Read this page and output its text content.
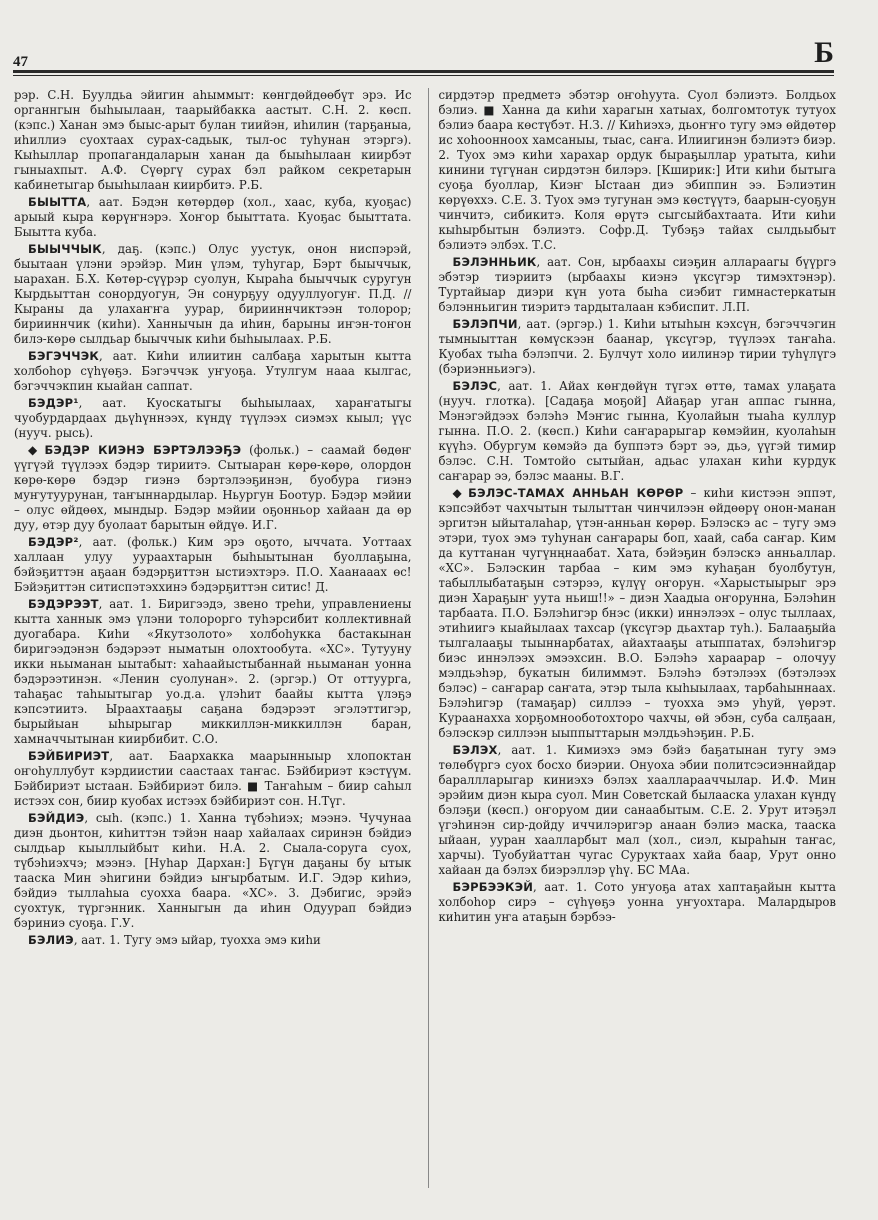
47	Б

рэр. С.Н. Буулдьа эйигин аһыммыт: көнгдөйдөөбүт эрэ. Ис органнгын быһыылаан, таарыйбакка аастыт. С.Н. 2. көсп. (кэпс.) Ханан эмэ быыс-арыт булан тиийэн, иһилин (тарҕаныа, иһиллиэ суохтаах сурах-садьык, тыл-ос туһунан этэргэ). Кыһыллар пропагандаларын ханан да быыһылаан киирбэт гыныахпыт. А.Ф. Сүөргү сурах бэл райком секретарын кабинетыгар быыһылаан киирбитэ. Р.Б.

БЫЫТТА, аат. Бэдэн көтөрдөр (хол., хаас, куба, куоҕас) арыый кыра көрүҥнэрэ. Хоҥор быыттата. Куоҕас быыттата. Быытта куба.

БЫЫЧЧЫК, даҕ. (кэпс.) Олус уустук, онон ниспэрэй, быытаан үлэни эрэйэр. Мин үлэм, туһугар, Бэрт быыччык, ыарахан. Б.Х. Көтөр-сүүрэр суолун, Кыраһа быыччык суругун Кырдьыттан сонордуогун, Эн сонурҕуу одууллуогуҥ. П.Д. // Кыраны да улахаҥҥа уурар, бирииннчиктээн толорор; бирииннчик (киһи). Ханнычын да иһин, барыны иҥэн-тоҥон билэ-көрө сылдьар быыччык киһи быһыылаах. Р.Б.

БЭГЭЧЧЭК, аат. Киһи илиитин салбаҕа харытын кытта холбоһор сүһүөҕэ. Бэгэччэк уҥуоҕа. Утулгум нааа кылгас, бэгэччэкпин кыайан саппат.

БЭДЭР¹, аат. Куоскатыгы быһыылаах, хараҥатыгы чуобурдардаах дьүһүннээх, күндү түүлээх сиэмэх кыыл; үүс (нууч. рысь).

◆ БЭДЭР КИЭНЭ БЭРТЭЛЭЭҔЭ (фольк.) – саамай бөдөҥ үүгүэй түүлээх бэдэр тириитэ. Сытыаран көрө-көрө, олордон көрө-көрө бэдэр гиэнэ бэртэлээҕинэн, буобура гиэнэ муҥутуурунан, таҥыннардылар. Ньургун Боотур. Бэдэр мэйии – олус өйдөөх, мындыр. Бэдэр мэйии оҕонньор хайаан да өр дуу, өтэр дуу буолаат барытын өйдүө. И.Г.

БЭДЭР², аат. (фольк.) Ким эрэ оҕото, ыччата. Уоттаах халлаан улуу уураахтарын быһыытынан буоллаҕына, бэйэҕиттэн аҕаан бэдэрҕиттэн ыстиэхтэрэ. П.О. Хаанааах өс! Бэйэҕиттэн ситиспэтэххинэ бэдэрҕиттэн ситис! Д.

БЭДЭРЭЭТ, аат. 1. Биригээдэ, звено треһи, управлениены кытта ханнык эмэ үлэни толорорго туһэрсибит коллективнай дуогабара. Киһи «Якутзолото» холбоһукка бастакынан биригээдэнэн бэдэрээт ныматын олохтообута. «ХС». Тутууну икки ньыманан ыытабыт: хаһаайыстыбаннай ньыманан уонна бэдэрээтинэн. «Ленин суолунан». 2. (эргэр.) От оттуурга, таһаҕас таһыытыгар уо.д.а. үлэһит баайы кытта үлэҕэ кэпсэтиитэ. Ыраахтааҕы саҕана бэдэрээт эгэлэттигэр, бырыйыан ыһырыгар миккиллэн-миккиллэн баран, хамначчытынан киирбибит. С.О.

БЭЙБИРИЭТ, аат. Баархакка маарынныыр хлопоктан оҥоһуллубут кэрдиистии саастаах таҥас. Бэйбириэт кэстүүм. Бэйбириэт ыстаан. Бэйбириэт билэ. ■ Таҥаһым – биир саһыл истээх сон, биир куобах истээх бэйбириэт сон. Н.Түг.

БЭЙДИЭ, сыһ. (кэпс.) 1. Ханна түбэһиэх; мээнэ. Чучунаа диэн дьонтон, киһиттэн тэйэн наар хайалаах сиринэн бэйдиэ сылдьар кыыллыйбыт киһи. Н.А. 2. Сыала-соруга суох, түбэһиэхчэ; мээнэ. [Нуһар Дархан:] Бүгүн даҕаны бу ытык тааска Мин эһигини бэйдиэ ыҥырбатым. И.Г. Эдэр киһиэ, бэйдиэ тыллаһыа суохха баара. «ХС». 3. Дэбигис, эрэйэ суохтук, түргэнник. Ханныгын да иһин Одуурап бэйдиэ бэриниэ суоҕа. Г.У.

БЭЛИЭ, аат. 1. Тугу эмэ ыйар, туохха эмэ киһи

сирдэтэр предметэ эбэтэр оҥоһуута. Суол бэлиэтэ. Болдьох бэлиэ. ■ Ханна да киһи харагын хатыах, болгомтотук тутуох бэлиэ баара көстүбэт. Н.З. // Киһиэхэ, дьоҥҥо тугу эмэ өйдөтөр ис хоһооннооx хамсаныы, тыас, саҥа. Илиигинэн бэлиэтэ биэр. 2. Туох эмэ киһи харахар ордук быраҕыллар уратыта, киһи кинини түгүнан сирдэтэн билэрэ. [Кширик:] Ити киһи бытыга суоҕа буоллар, Киэҥ Ыстаан диэ эбиппин ээ. Бэлиэтин көрүөххэ. С.Е. 3. Туох эмэ тугунан эмэ көстүүтэ, баарын-суоҕун чинчитэ, сибикитэ. Коля өрүтэ сыгсыйбахтаата. Ити киһи кыһырбытын бэлиэтэ. Софр.Д. Тубэҕэ тайах сылдьыбыт бэлиэтэ элбэх. Т.С.

БЭЛЭННЬИК, аат. Сон, ырбаахы сиэҕин аллараагы бүүргэ эбэтэр тиэриитэ (ырбаахы киэнэ үксүгэр тимэхтэнэр). Туртайыар диэри күн уота быһа сиэбит гимнастеркатын бэлэнньигин тиэритэ тардыталаан кэбиспит. Л.П.

БЭЛЭПЧИ, аат. (эргэр.) 1. Киһи ытыһын кэхсүн, бэгэччэгин тымныыттан көмүскээн баанар, үксүгэр, түүлээх таҥаһа. Куобах тыһа бэлэпчи. 2. Булчут холо иилинэр тирии туһүлүгэ (бэриэнньиэгэ).

БЭЛЭС, аат. 1. Айах көҥдөйүн түгэх өттө, тамах улаҕата (нууч. глотка). [Садаҕа моҕой] Айаҕар уган аппас гынна, Мэнэгэйдээх бэлэһэ Мэҥис гынна, Куолайын тыаһа куллур гынна. П.О. 2. (көсп.) Киһи саҥарарыгар көмэйин, куолаһын күүһэ. Обургум көмэйэ да буппэтэ бэрт ээ, дьэ, үүгэй тимир бэлэс. С.Н. Томтойо сытыйан, адьас улахан киһи курдук саҥарар ээ, бэлэс мааны. В.Г.

◆ БЭЛЭС-ТАМАХ АННЬАН КӨРӨР – киһи кистээн эппэт, кэпсэйбэт чахчытын тылыттан чинчилээн өйдөөрү онон-манан эргитэн ыйыталаһар, үтэн-анньан көрөр. Бэлэскэ ас – тугу эмэ этэри, туох эмэ туһунан саҥарары боп, хаай, саба саҥар. Ким да куттанан чугүнңнаабат. Хата, бэйэҕин бэлэскэ анньаллар. «ХС». Бэлэскин тарбаа – ким эмэ куһаҕан буолбутун, табыллыбатаҕын сэтэрээ, күлүү оҥорун. «Харыстыырыг эрэ диэн Хараҕыҥ уута ньиш!!» – диэн Хаадыа оҥорунна, Бэлэһин тарбаата. П.О. Бэлэһигэр бнэс (икки) иннэлээх – олус тыллаах, этиһиигэ кыайылаах тахсар (үксүгэр дьахтар туһ.). Балааҕыйа тылгалааҕы тыыннарбатах, айахтааҕы атыппатах, бэлэһигэр биэс иннэлээх эмээхсин. В.О. Бэлэһэ хараарар – олочуу мэлдьэһэр, букатын билиммэт. Бэлэһэ бэтэлээх (бэтэлээх бэлэс) – саҥарар саҥата, этэр тыла кыһыылаах, тарбаһыннаах. Бэлэһигэр (тамаҕар) силлээ – туохха эмэ уһуй, үөрэт. Кураанахха хорҕомнооботохторо чахчы, өй эбэн, суба салҕаан, бэлэскэр силлээн ыыппыттарын мэлдьэһэҕин. Р.Б.

БЭЛЭХ, аат. 1. Кимиэхэ эмэ бэйэ баҕатынан тугу эмэ төлөбүргэ суох босхо биэрии. Онуоха эбии политсэсиэннайдар бараллларыгар киниэхэ бэлэх хаалларааччылар. И.Ф. Мин эрэйим диэн кыра суол. Мин Советскай былааска улахан күндү бэлэҕи (көсп.) оҥоруом дии санаабытым. С.Е. 2. Урут итэҕэл үгэһинэн сир-дойду иччилэригэр анаан бэлиэ маска, тааска ыйаан, ууран хаалларбыт мал (хол., сиэл, кыраһын таҥас, харчы). Туобуйаттан чугас Суруктаах хайа баар, Урут онно хайаан да бэлэх биэрэллэр үһү. БС МАа.

БЭРБЭЭКЭЙ, аат. 1. Сото уҥуоҕа атах хаптаҕайын кытта холбоһор сирэ – сүһүөҕэ уонна уҥуохтара. Малардыров киһитин уҥа атаҕын бэрбээ-
